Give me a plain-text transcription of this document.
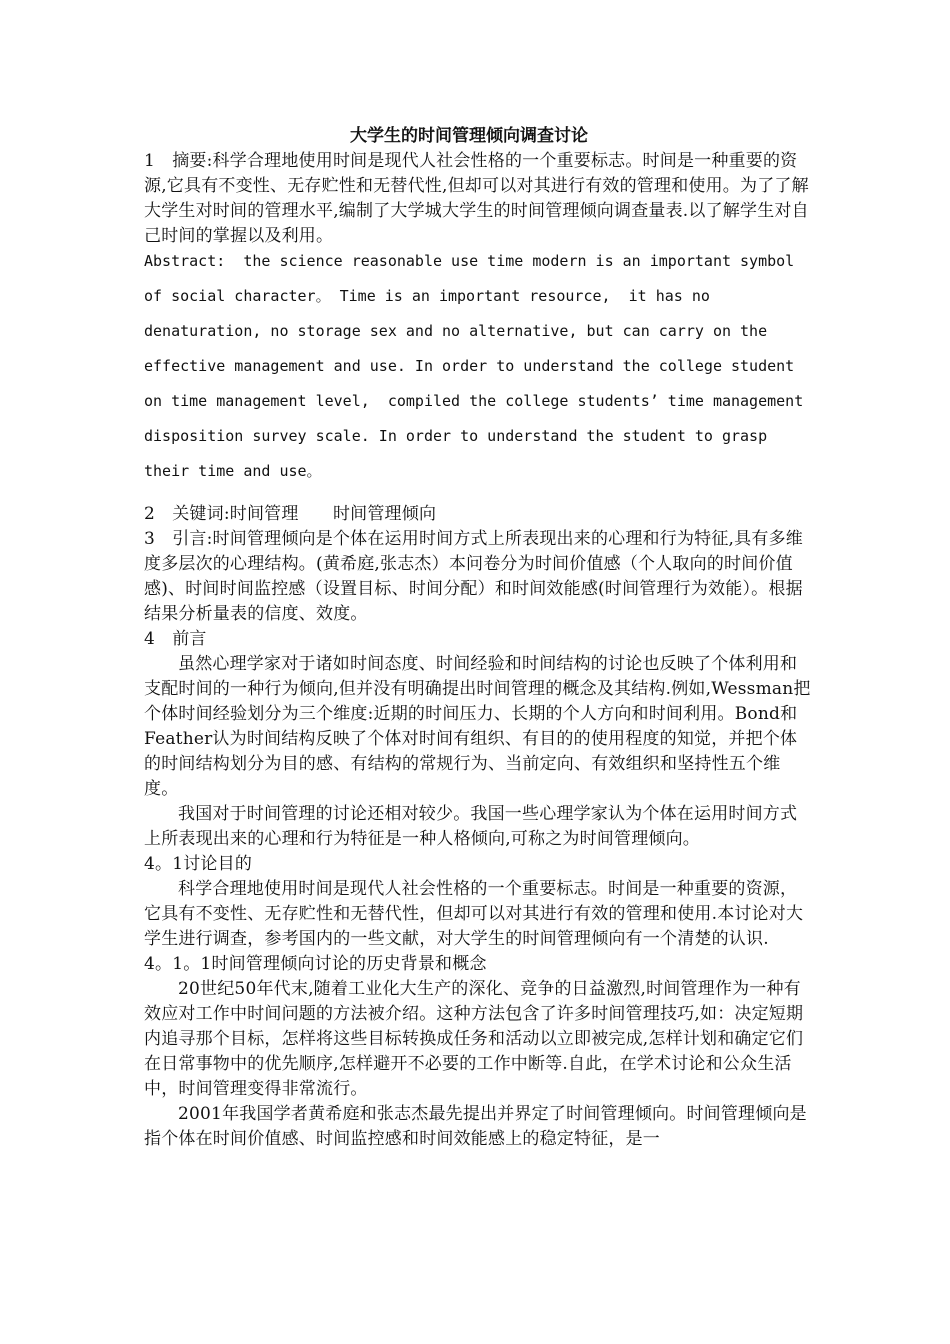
大学生的时间管理倾向调查讨论

1　摘要:科学合理地使用时间是现代人社会性格的一个重要标志。时间是一种重要的资源,它具有不变性、无存贮性和无替代性,但却可以对其进行有效的管理和使用。为了了解大学生对时间的管理水平,编制了大学城大学生的时间管理倾向调查量表.以了解学生对自己时间的掌握以及利用。

Abstract:  the science reasonable use time modern is an important symbol of social character。 Time is an important resource,  it has no denaturation, no storage sex and no alternative, but can carry on the effective management and use. In order to understand the college student on time management level,  compiled the college students’ time management disposition survey scale. In order to understand the student to grasp their time and use。

2　关键词:时间管理　　时间管理倾向

3　引言:时间管理倾向是个体在运用时间方式上所表现出来的心理和行为特征,具有多维度多层次的心理结构。(黄希庭,张志杰）本问卷分为时间价值感（个人取向的时间价值感)、时间时间监控感（设置目标、时间分配）和时间效能感(时间管理行为效能）。根据结果分析量表的信度、效度。

4　前言

虽然心理学家对于诸如时间态度、时间经验和时间结构的讨论也反映了个体利用和支配时间的一种行为倾向,但并没有明确提出时间管理的概念及其结构.例如,Wessman把个体时间经验划分为三个维度:近期的时间压力、长期的个人方向和时间利用。Bond和Feather认为时间结构反映了个体对时间有组织、有目的的使用程度的知觉，并把个体的时间结构划分为目的感、有结构的常规行为、当前定向、有效组织和坚持性五个维度。

我国对于时间管理的讨论还相对较少。我国一些心理学家认为个体在运用时间方式上所表现出来的心理和行为特征是一种人格倾向,可称之为时间管理倾向。

4。1讨论目的

科学合理地使用时间是现代人社会性格的一个重要标志。时间是一种重要的资源，它具有不变性、无存贮性和无替代性，但却可以对其进行有效的管理和使用.本讨论对大学生进行调查，参考国内的一些文献，对大学生的时间管理倾向有一个清楚的认识.

4。1。1时间管理倾向讨论的历史背景和概念

20世纪50年代末,随着工业化大生产的深化、竞争的日益激烈,时间管理作为一种有效应对工作中时间问题的方法被介绍。这种方法包含了许多时间管理技巧,如：决定短期内追寻那个目标，怎样将这些目标转换成任务和活动以立即被完成,怎样计划和确定它们在日常事物中的优先顺序,怎样避开不必要的工作中断等.自此，在学术讨论和公众生活中，时间管理变得非常流行。

2001年我国学者黄希庭和张志杰最先提出并界定了时间管理倾向。时间管理倾向是指个体在时间价值感、时间监控感和时间效能感上的稳定特征，是一
